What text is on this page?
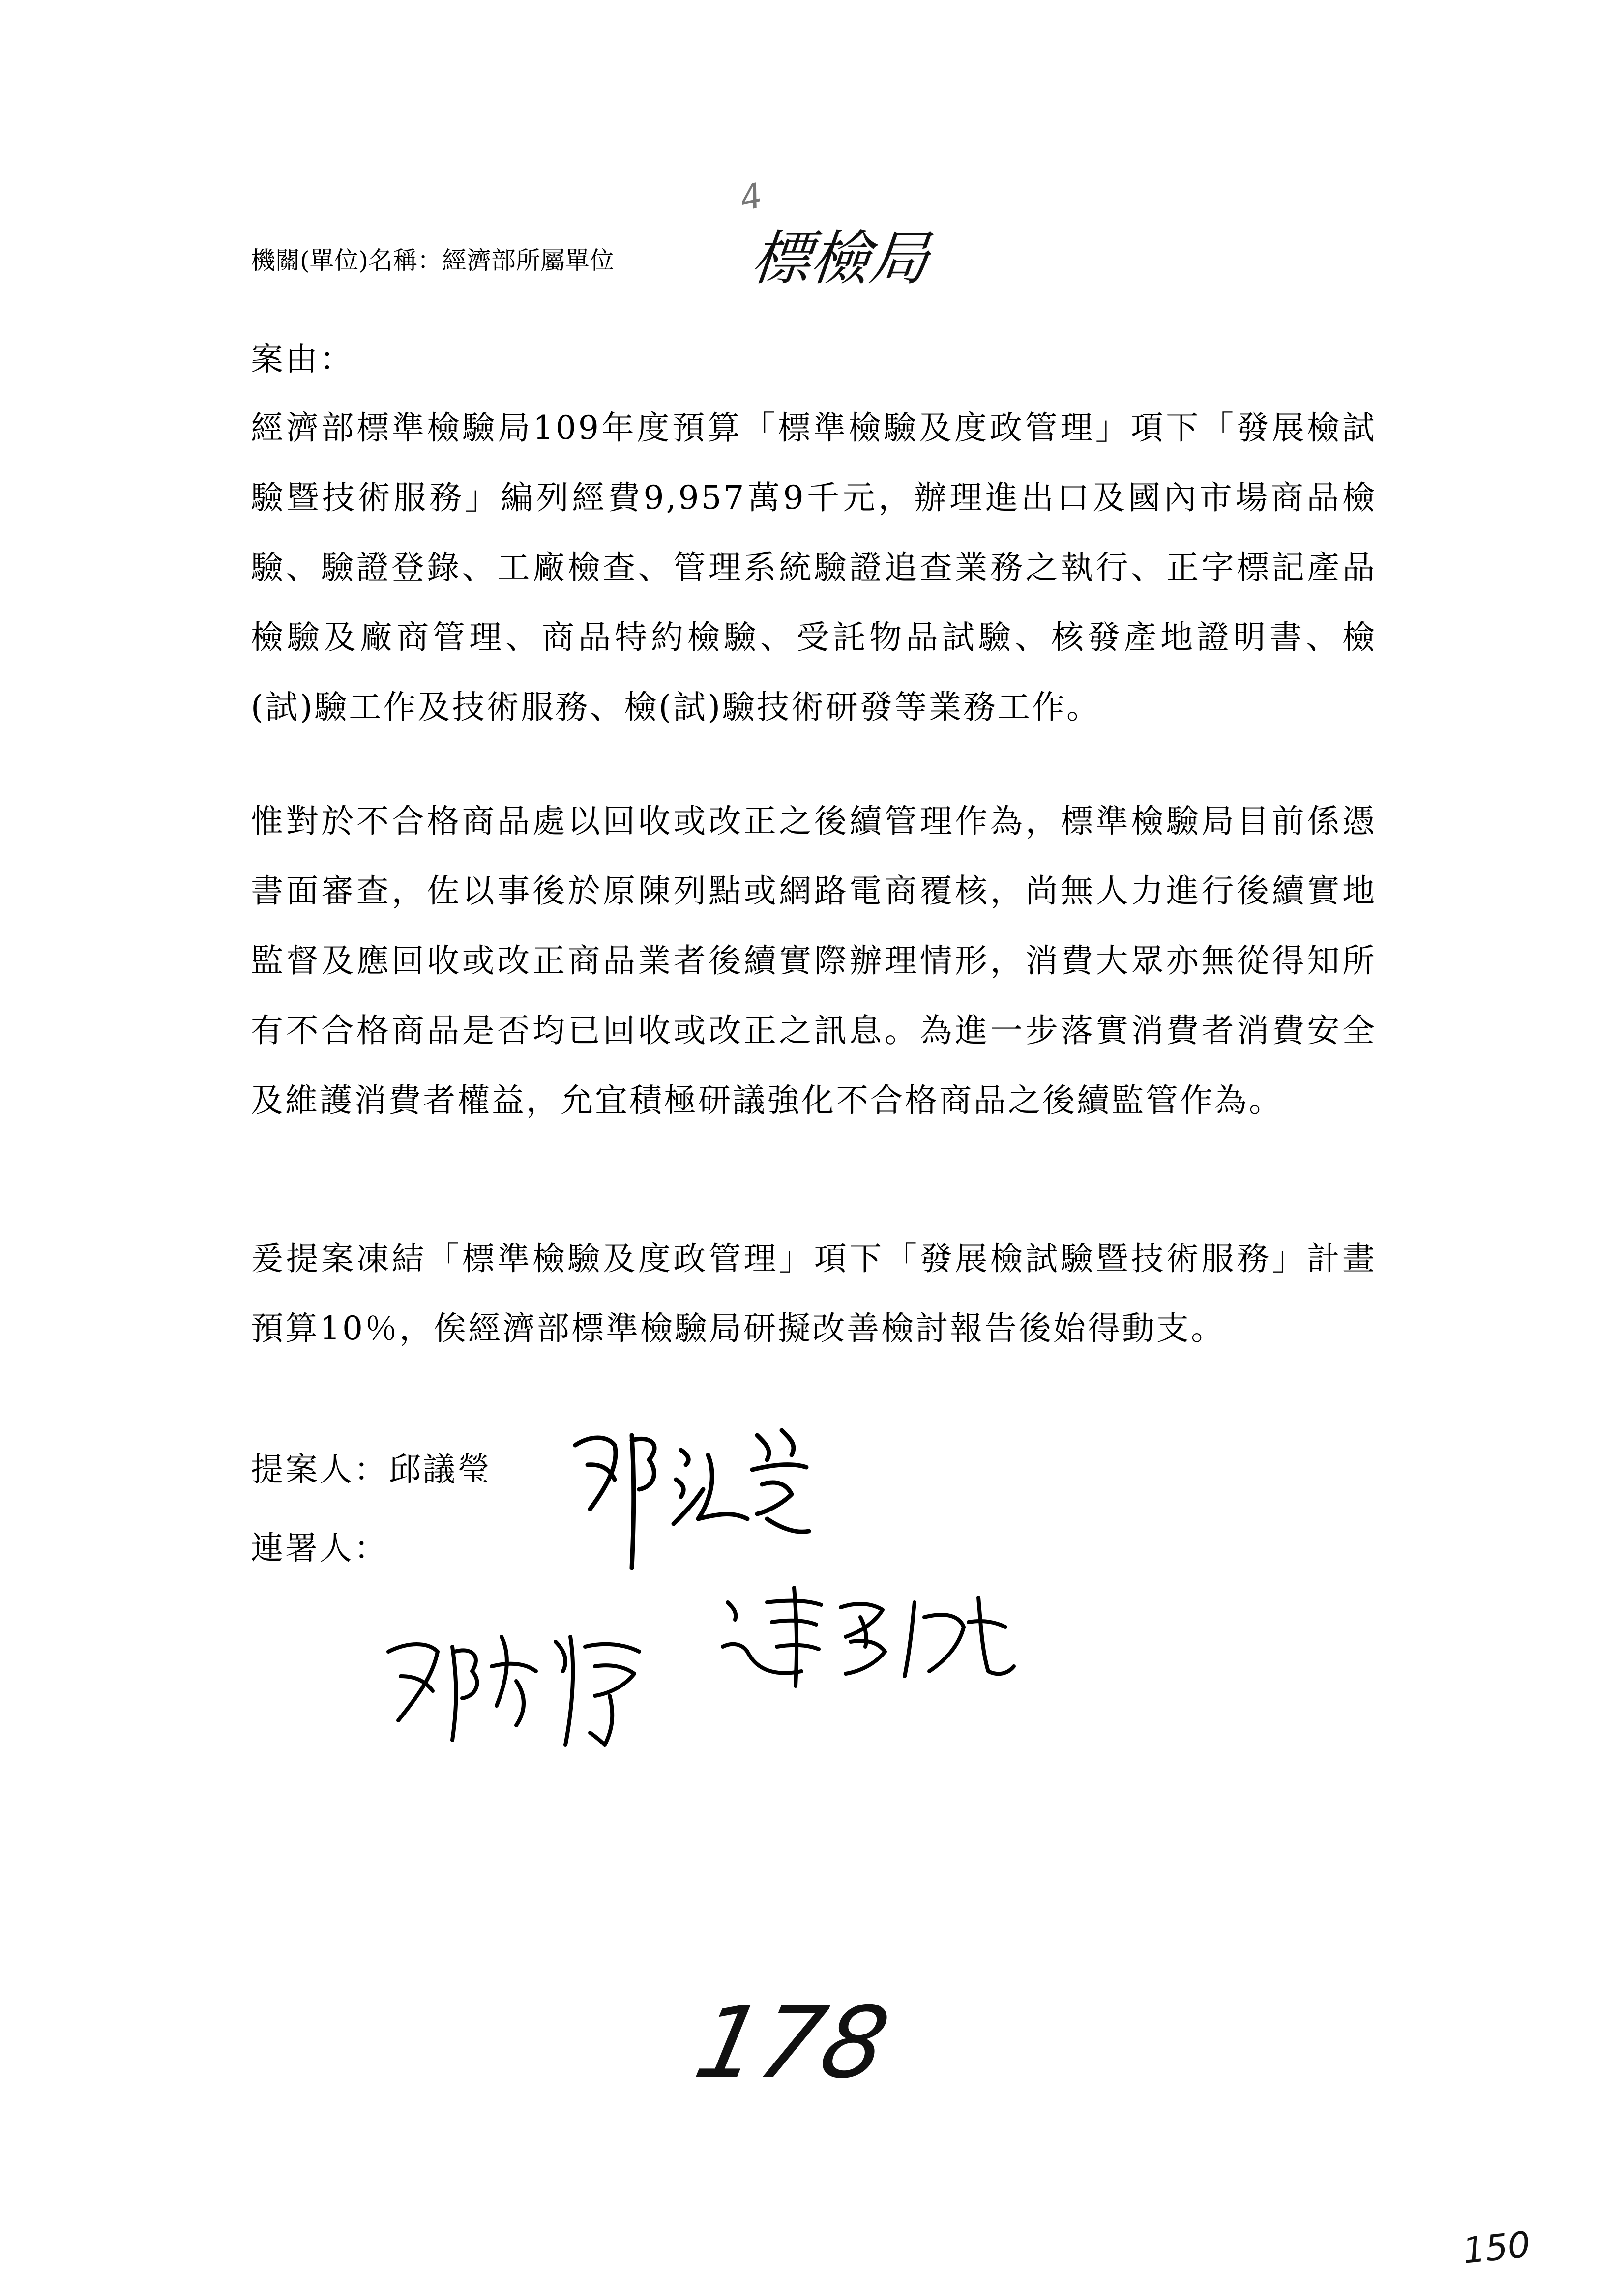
機關(單位)名稱：經濟部所屬單位
4
標檢局

案由：

經濟部標準檢驗局109年度預算「標準檢驗及度政管理」項下「發展檢試驗暨技術服務」編列經費9,957萬9千元，辦理進出口及國內市場商品檢驗、驗證登錄、工廠檢查、管理系統驗證追查業務之執行、正字標記產品檢驗及廠商管理、商品特約檢驗、受託物品試驗、核發產地證明書、檢(試)驗工作及技術服務、檢(試)驗技術研發等業務工作。

惟對於不合格商品處以回收或改正之後續管理作為，標準檢驗局目前係憑書面審查，佐以事後於原陳列點或網路電商覆核，尚無人力進行後續實地監督及應回收或改正商品業者後續實際辦理情形，消費大眾亦無從得知所有不合格商品是否均已回收或改正之訊息。為進一步落實消費者消費安全及維護消費者權益，允宜積極研議強化不合格商品之後續監管作為。

爰提案凍結「標準檢驗及度政管理」項下「發展檢試驗暨技術服務」計畫預算10％，俟經濟部標準檢驗局研擬改善檢討報告後始得動支。

提案人：邱議瑩
連署人：
178
150
